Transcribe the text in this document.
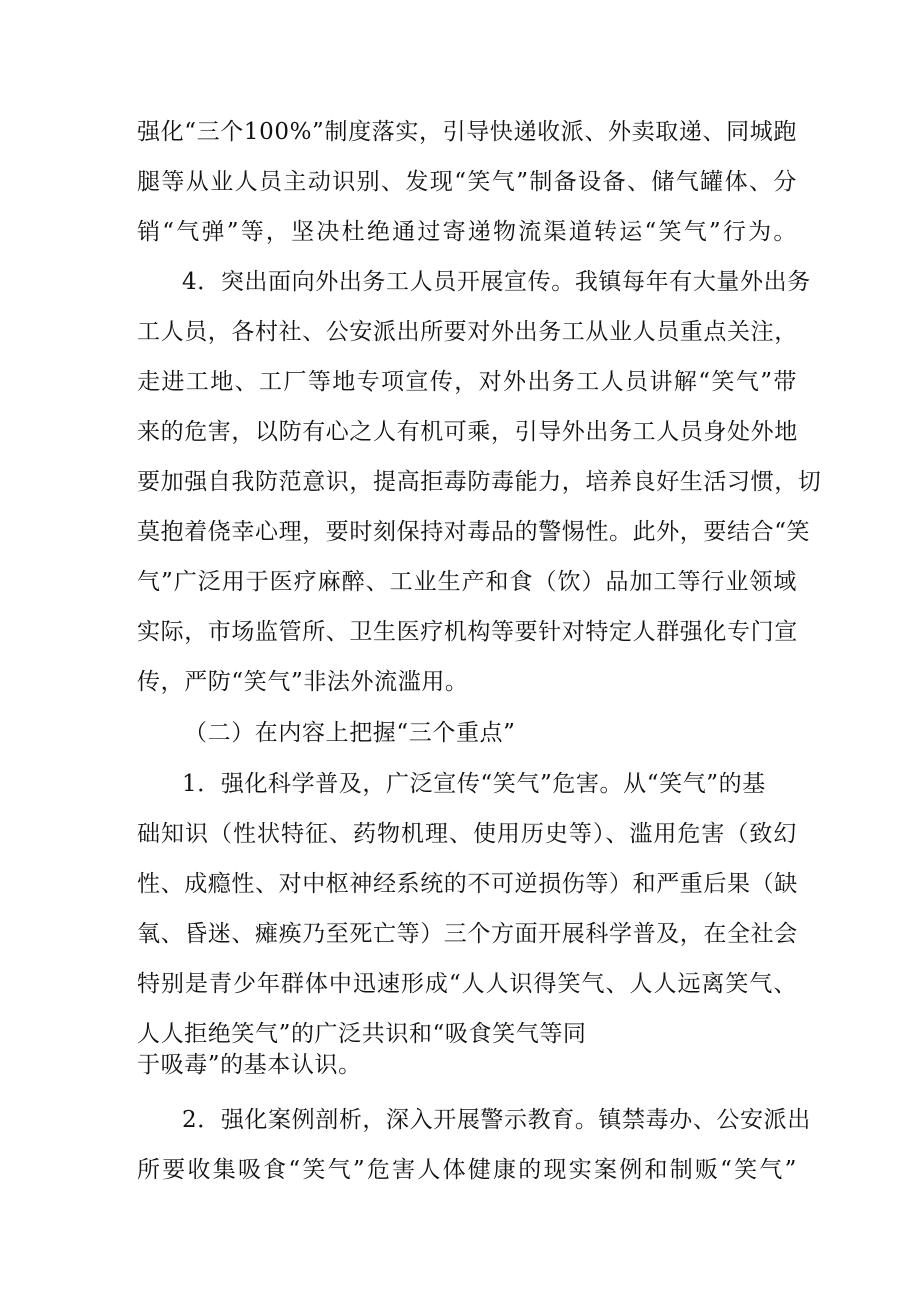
强化“三个100%”制度落实，引导快递收派、外卖取递、同城跑
腿等从业人员主动识别、发现“笑气”制备设备、储气罐体、分
销“气弹”等，坚决杜绝通过寄递物流渠道转运“笑气”行为。
4．突出面向外出务工人员开展宣传。我镇每年有大量外出务
工人员，各村社、公安派出所要对外出务工从业人员重点关注，
走进工地、工厂等地专项宣传，对外出务工人员讲解“笑气”带
来的危害，以防有心之人有机可乘，引导外出务工人员身处外地
要加强自我防范意识，提高拒毒防毒能力，培养良好生活习惯，切
莫抱着侥幸心理，要时刻保持对毒品的警惕性。此外，要结合“笑
气”广泛用于医疗麻醉、工业生产和食（饮）品加工等行业领域
实际，市场监管所、卫生医疗机构等要针对特定人群强化专门宣
传，严防“笑气”非法外流滥用。
（二）在内容上把握“三个重点”
1．强化科学普及，广泛宣传“笑气”危害。从“笑气”的基
础知识（性状特征、药物机理、使用历史等）、滥用危害（致幻
性、成瘾性、对中枢神经系统的不可逆损伤等）和严重后果（缺
氧、昏迷、瘫痪乃至死亡等）三个方面开展科学普及，在全社会
特别是青少年群体中迅速形成“人人识得笑气、人人远离笑气、
人人拒绝笑气”的广泛共识和“吸食笑气等同
于吸毒”的基本认识。
2．强化案例剖析，深入开展警示教育。镇禁毒办、公安派出
所要收集吸食“笑气”危害人体健康的现实案例和制贩“笑气”
